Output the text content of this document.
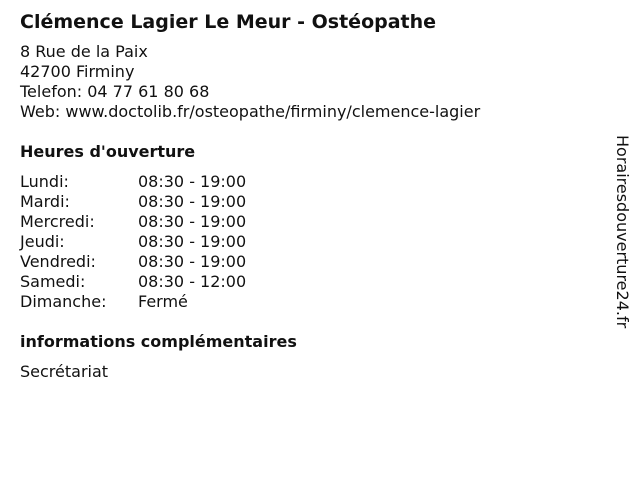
Clémence Lagier Le Meur - Ostéopathe
8 Rue de la Paix
42700 Firminy
Telefon: 04 77 61 80 68
Web: www.doctolib.fr/osteopathe/firminy/clemence-lagier
Heures d'ouverture
Lundi:	08:30 - 19:00
Mardi:	08:30 - 19:00
Mercredi:	08:30 - 19:00
Jeudi:	08:30 - 19:00
Vendredi:	08:30 - 19:00
Samedi:	08:30 - 12:00
Dimanche:	Fermé
informations complémentaires
Secrétariat
Horairesdouverture24.fr
